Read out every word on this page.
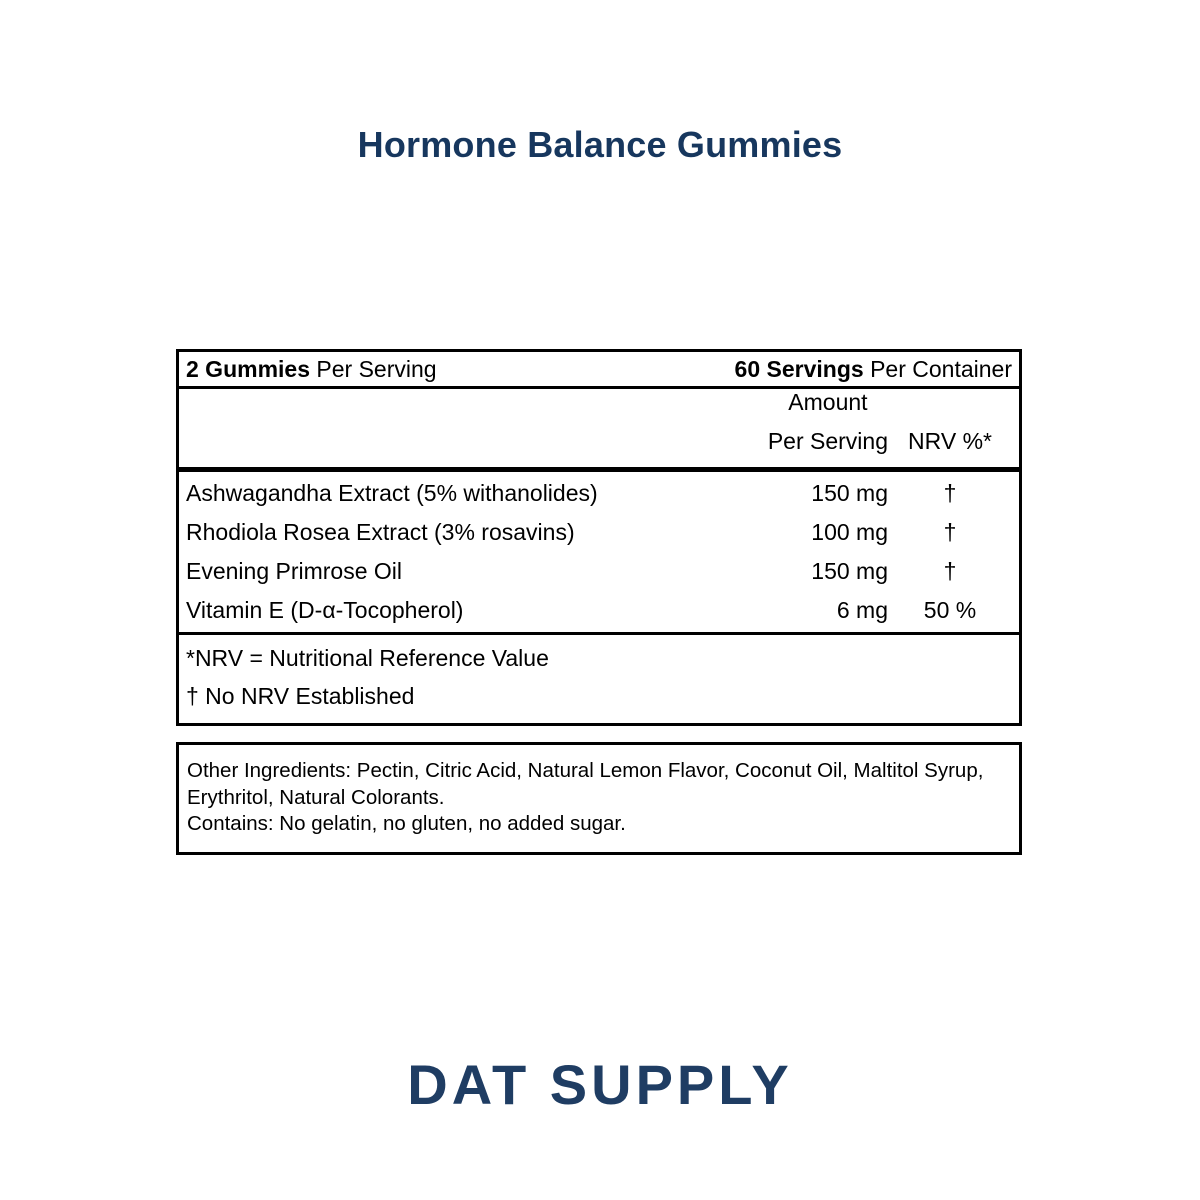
Hormone Balance Gummies
2 Gummies Per Serving	60 Servings Per Container
Amount
Per Serving NRV %*
Ashwagandha Extract (5% withanolides)	150 mg	†
Rhodiola Rosea Extract (3% rosavins)	100 mg	†
Evening Primrose Oil	150 mg	†
Vitamin E (D-α-Tocopherol)	6 mg	50 %
*NRV = Nutritional Reference Value
† No NRV Established
Other Ingredients: Pectin, Citric Acid, Natural Lemon Flavor, Coconut Oil, Maltitol Syrup, Erythritol, Natural Colorants.
Contains: No gelatin, no gluten, no added sugar.
DAT SUPPLY
